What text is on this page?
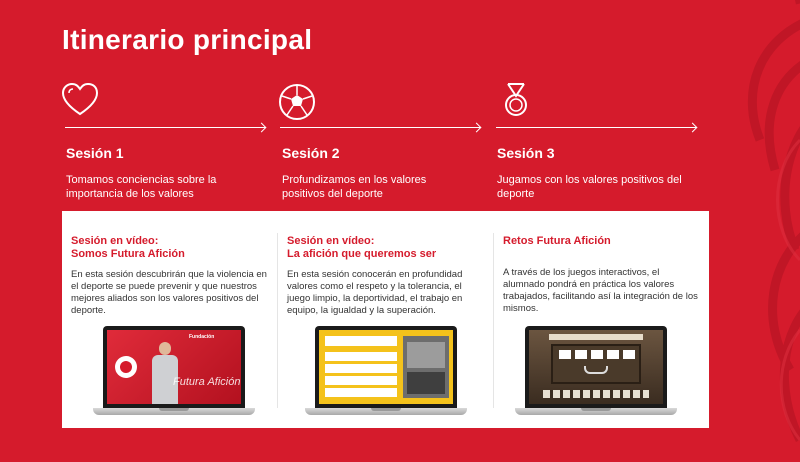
Itinerario principal
Sesión 1
Tomamos conciencias sobre la importancia de los valores
Sesión 2
Profundizamos en los valores positivos del deporte
Sesión 3
Jugamos con los valores positivos del deporte
Sesión en vídeo:
Somos Futura Afición
En esta sesión descubrirán que la violencia en el deporte se puede prevenir y que nuestros mejores aliados son los valores positivos del deporte.
Fundación
Futura Afición
Sesión en vídeo:
La afición que queremos ser
En esta sesión conocerán en profundidad valores como el respeto y la tolerancia, el juego limpio, la deportividad, el trabajo en equipo, la igualdad y la superación.
Retos Futura Afición
A través de los juegos interactivos, el alumnado pondrá en práctica los valores trabajados, facilitando así la integración de los mismos.
